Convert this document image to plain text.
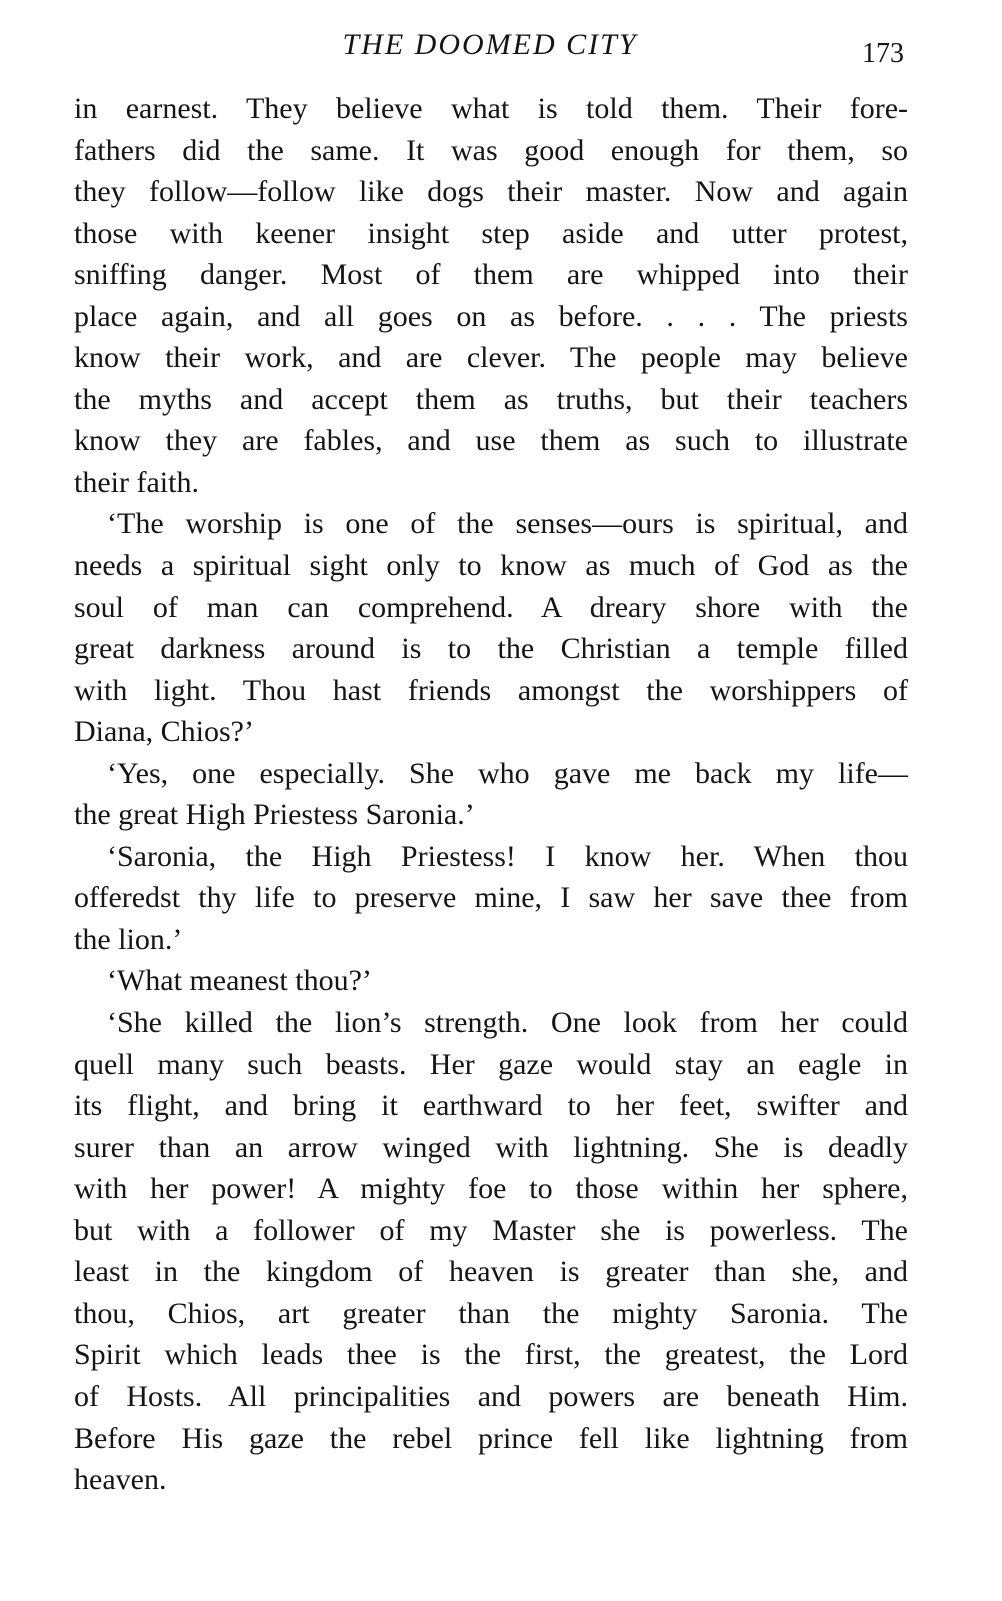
THE DOOMED CITY	173
in earnest. They believe what is told them. Their fore-
fathers did the same. It was good enough for them, so
they follow—follow like dogs their master. Now and again
those with keener insight step aside and utter protest,
sniffing danger. Most of them are whipped into their
place again, and all goes on as before. . . . The priests
know their work, and are clever. The people may believe
the myths and accept them as truths, but their teachers
know they are fables, and use them as such to illustrate
their faith.
‘The worship is one of the senses—ours is spiritual, and
needs a spiritual sight only to know as much of God as the
soul of man can comprehend. A dreary shore with the
great darkness around is to the Christian a temple filled
with light. Thou hast friends amongst the worshippers of
Diana, Chios?’
‘Yes, one especially. She who gave me back my life—
the great High Priestess Saronia.’
‘Saronia, the High Priestess! I know her. When thou
offeredst thy life to preserve mine, I saw her save thee from
the lion.’
‘What meanest thou?’
‘She killed the lion’s strength. One look from her could
quell many such beasts. Her gaze would stay an eagle in
its flight, and bring it earthward to her feet, swifter and
surer than an arrow winged with lightning. She is deadly
with her power! A mighty foe to those within her sphere,
but with a follower of my Master she is powerless. The
least in the kingdom of heaven is greater than she, and
thou, Chios, art greater than the mighty Saronia. The
Spirit which leads thee is the first, the greatest, the Lord
of Hosts. All principalities and powers are beneath Him.
Before His gaze the rebel prince fell like lightning from
heaven.
